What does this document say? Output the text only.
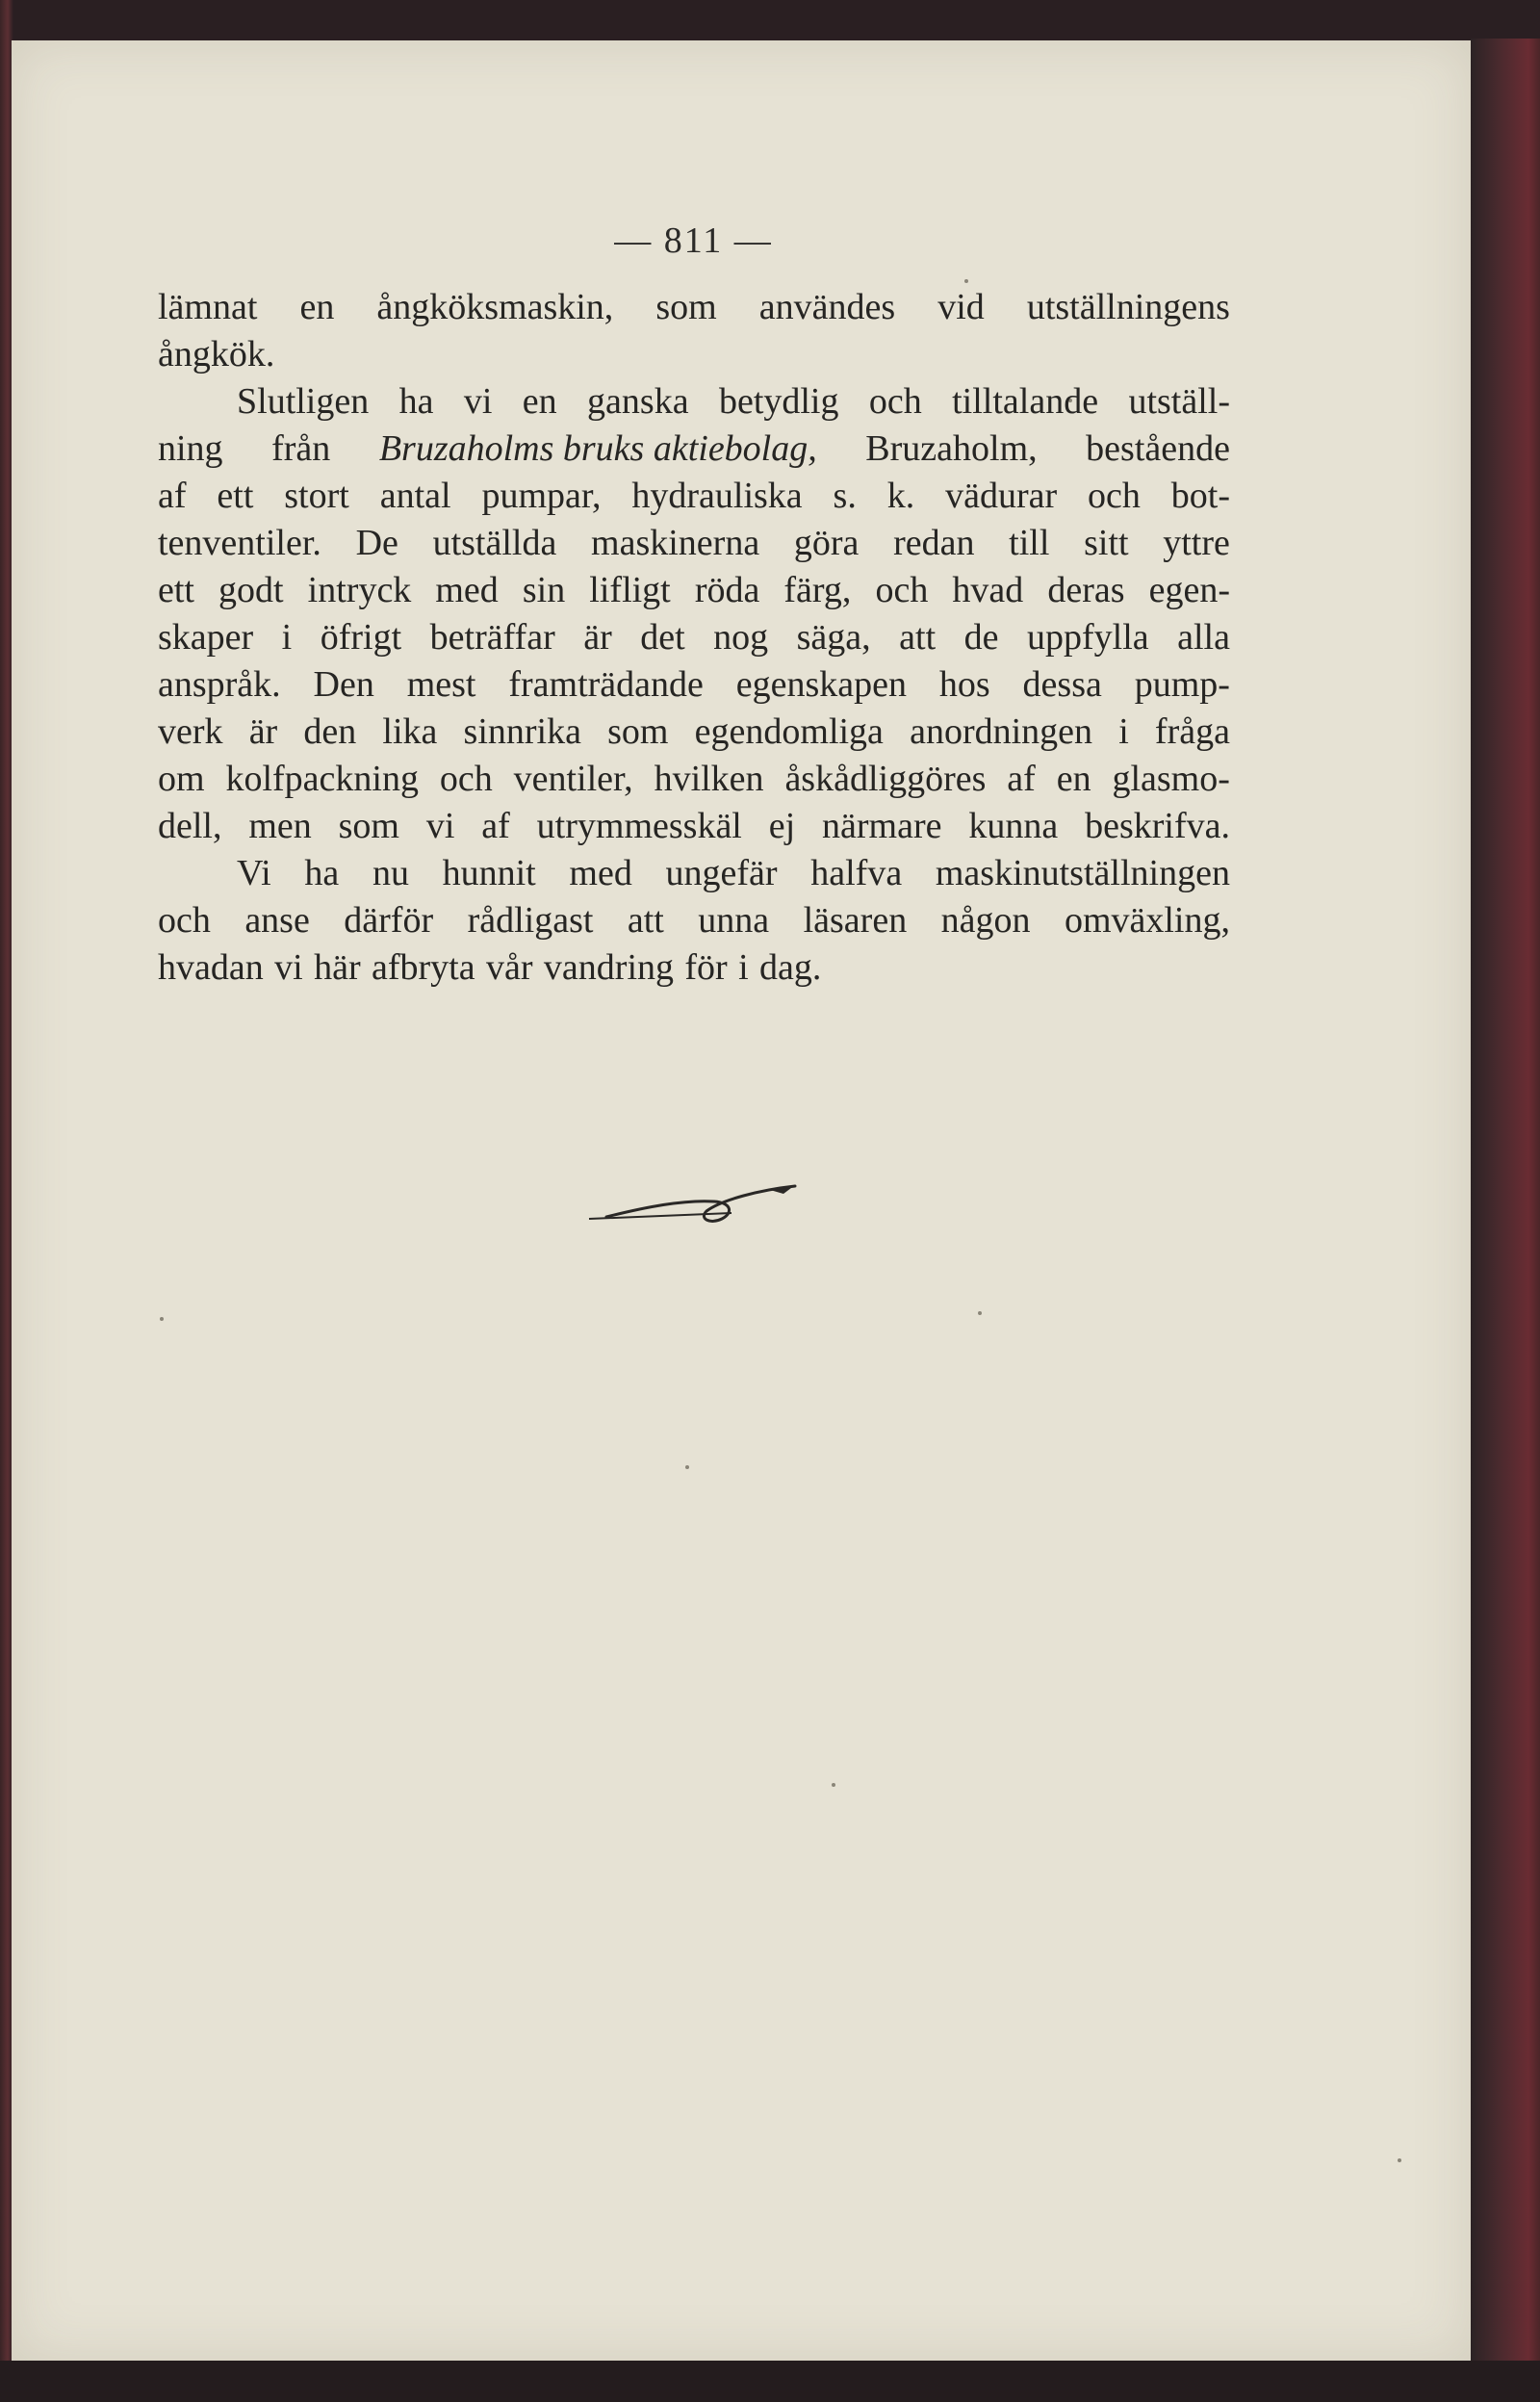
— 811 —
lämnat en ångköksmaskin, som användes vid utställningens
ångkök.
Slutligen ha vi en ganska betydlig och tilltalande utställ-
ning från Bruzaholms bruks aktiebolag, Bruzaholm, bestående
af ett stort antal pumpar, hydrauliska s. k. vädurar och bot-
tenventiler. De utställda maskinerna göra redan till sitt yttre
ett godt intryck med sin lifligt röda färg, och hvad deras egen-
skaper i öfrigt beträffar är det nog säga, att de uppfylla alla
anspråk. Den mest framträdande egenskapen hos dessa pump-
verk är den lika sinnrika som egendomliga anordningen i fråga
om kolfpackning och ventiler, hvilken åskådliggöres af en glasmo-
dell, men som vi af utrymmesskäl ej närmare kunna beskrifva.
Vi ha nu hunnit med ungefär halfva maskinutställningen
och anse därför rådligast att unna läsaren någon omväxling,
hvadan vi här afbryta vår vandring för i dag.
